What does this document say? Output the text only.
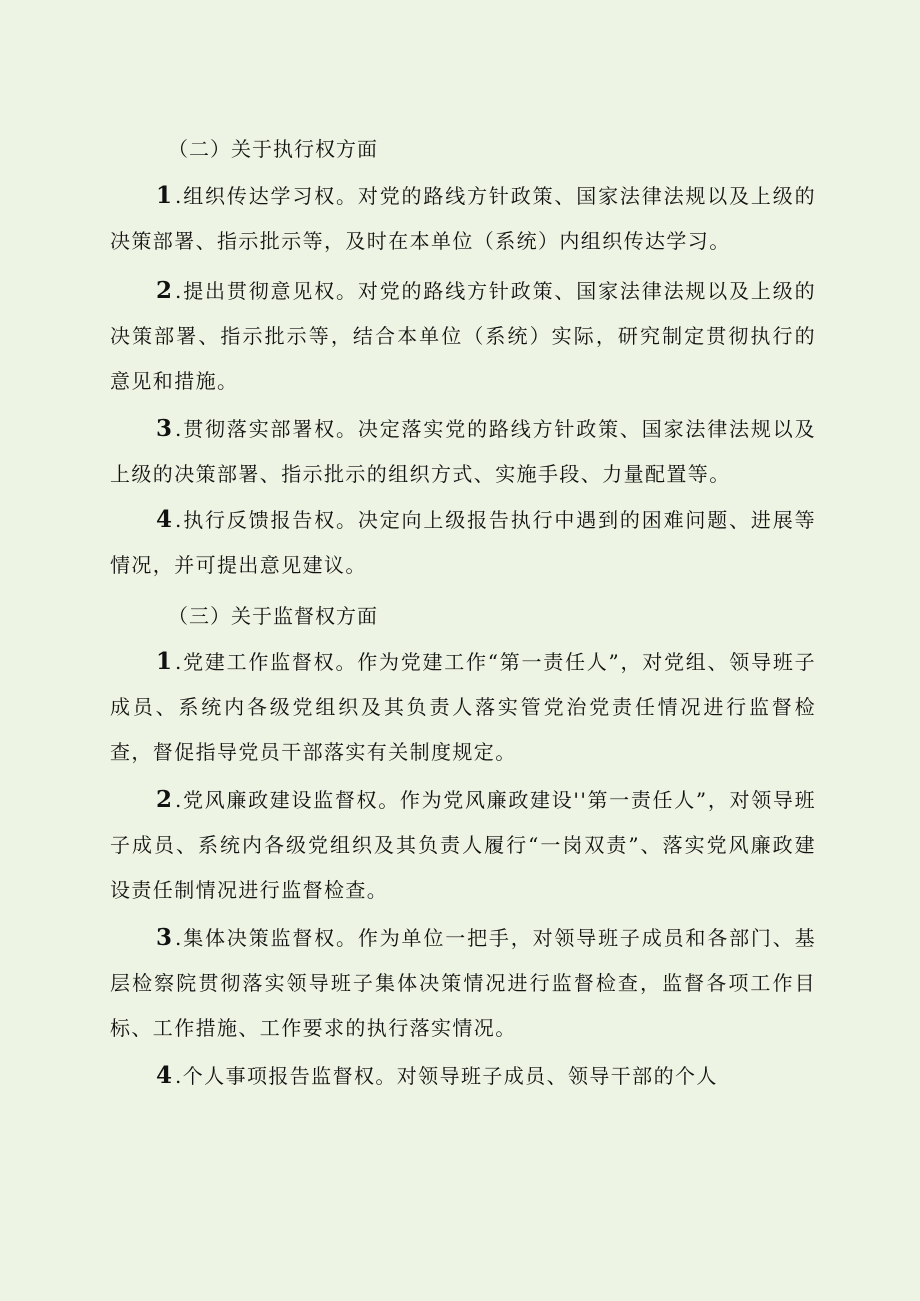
（二）关于执行权方面
1 .组织传达学习权。对党的路线方针政策、国家法律法规以及上级的决策部署、指示批示等，及时在本单位（系统）内组织传达学习。
2 .提出贯彻意见权。对党的路线方针政策、国家法律法规以及上级的决策部署、指示批示等，结合本单位（系统）实际，研究制定贯彻执行的意见和措施。
3 .贯彻落实部署权。决定落实党的路线方针政策、国家法律法规以及上级的决策部署、指示批示的组织方式、实施手段、力量配置等。
4 .执行反馈报告权。决定向上级报告执行中遇到的困难问题、进展等情况，并可提出意见建议。
（三）关于监督权方面
1 .党建工作监督权。作为党建工作“第一责任人”，对党组、领导班子成员、系统内各级党组织及其负责人落实管党治党责任情况进行监督检查，督促指导党员干部落实有关制度规定。
2 .党风廉政建设监督权。作为党风廉政建设''第一责任人”，对领导班子成员、系统内各级党组织及其负责人履行“一岗双责”、落实党风廉政建设责任制情况进行监督检查。
3 .集体决策监督权。作为单位一把手，对领导班子成员和各部门、基层检察院贯彻落实领导班子集体决策情况进行监督检查，监督各项工作目标、工作措施、工作要求的执行落实情况。
4 .个人事项报告监督权。对领导班子成员、领导干部的个人
